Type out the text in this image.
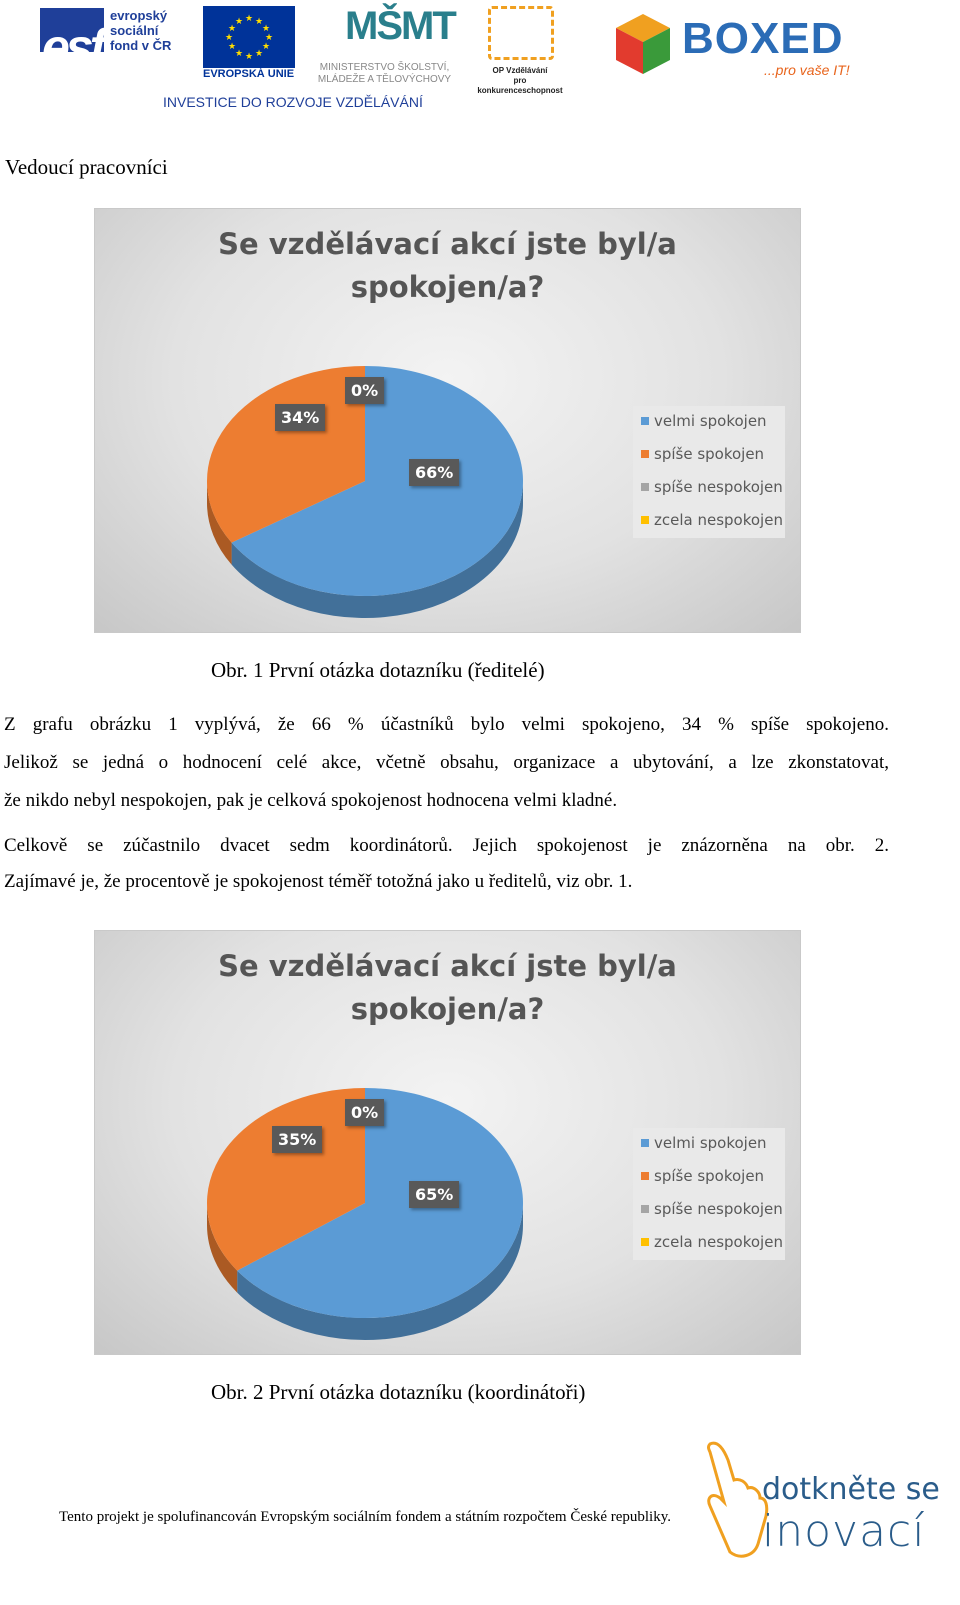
esf
evropský
sociální
fond v ČR
★ ★
★
★
★
★
★
★
★
★
★
★
EVROPSKÁ UNIE
MŠMT
MINISTERSTVO ŠKOLSTVÍ,
MLÁDEŽE A TĚLOVÝCHOVY
INVESTICE DO ROZVOJE VZDĚLÁVÁNÍ
OP Vzdělávání
pro konkurenceschopnost
BOXED
...pro vaše IT!
Vedoucí pracovníci
Se vzdělávací akcí jste byl/a
spokojen/a?
34%
0%
66%
velmi spokojen
spíše spokojen
spíše nespokojen
zcela nespokojen
Obr. 1 První otázka dotazníku (ředitelé)
Z grafu obrázku 1 vyplývá, že 66 % účastníků bylo velmi spokojeno, 34 % spíše spokojeno.
Jelikož se jedná o hodnocení celé akce, včetně obsahu, organizace a ubytování, a lze zkonstatovat,
že nikdo nebyl nespokojen, pak je celková spokojenost hodnocena velmi kladné.
Celkově se zúčastnilo dvacet sedm koordinátorů. Jejich spokojenost je znázorněna na obr. 2.
Zajímavé je, že procentově je spokojenost téměř totožná jako u ředitelů, viz obr. 1.
Se vzdělávací akcí jste byl/a
spokojen/a?
35%
0%
65%
velmi spokojen
spíše spokojen
spíše nespokojen
zcela nespokojen
Obr. 2 První otázka dotazníku (koordinátoři)
Tento projekt je spolufinancován Evropským sociálním fondem a státním rozpočtem České republiky.
dotkněte se
inovací
